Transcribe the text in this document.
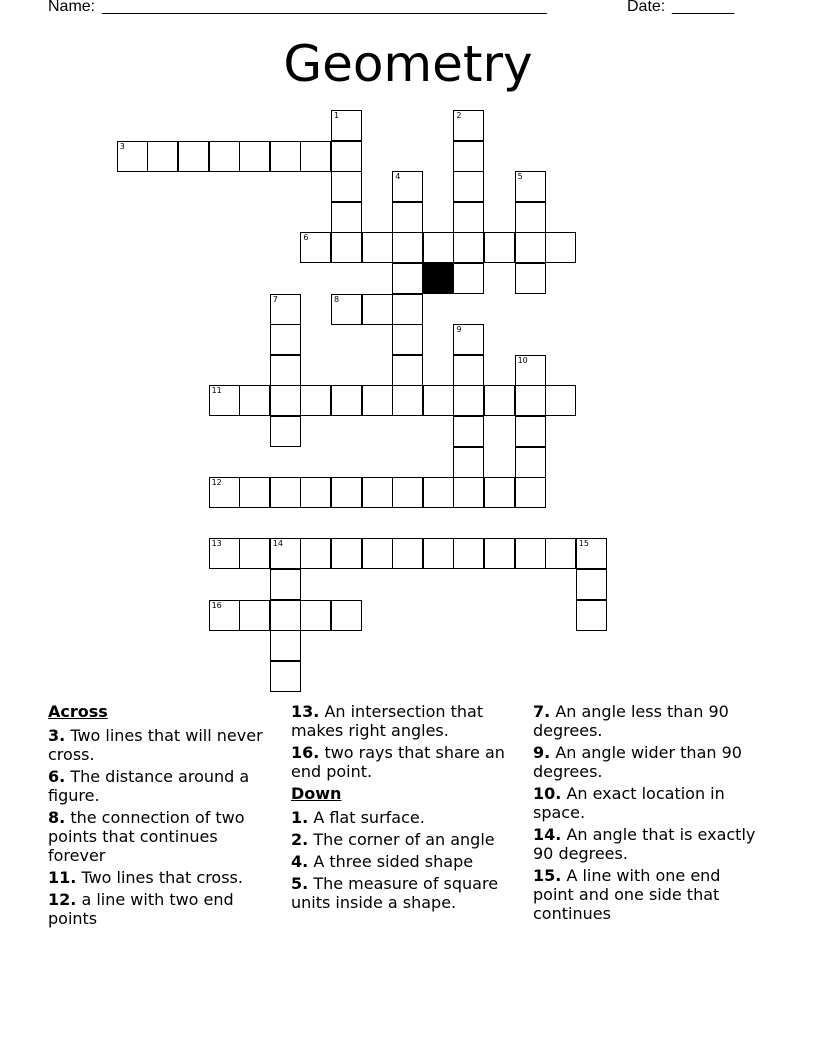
Name: __________________________________________________	Date: _______
Geometry
1	2
3
4	5
6
7	8
9
10
11
12
13	14	15
16
Across
3. Two lines that will never cross.
6. The distance around a figure.
8. the connection of two points that continues forever
11. Two lines that cross.
12. a line with two end points
13. An intersection that makes right angles.
16. two rays that share an end point.
Down
1. A flat surface.
2. The corner of an angle
4. A three sided shape
5. The measure of square units inside a shape.
7. An angle less than 90 degrees.
9. An angle wider than 90 degrees.
10. An exact location in space.
14. An angle that is exactly 90 degrees.
15. A line with one end point and one side that continues
